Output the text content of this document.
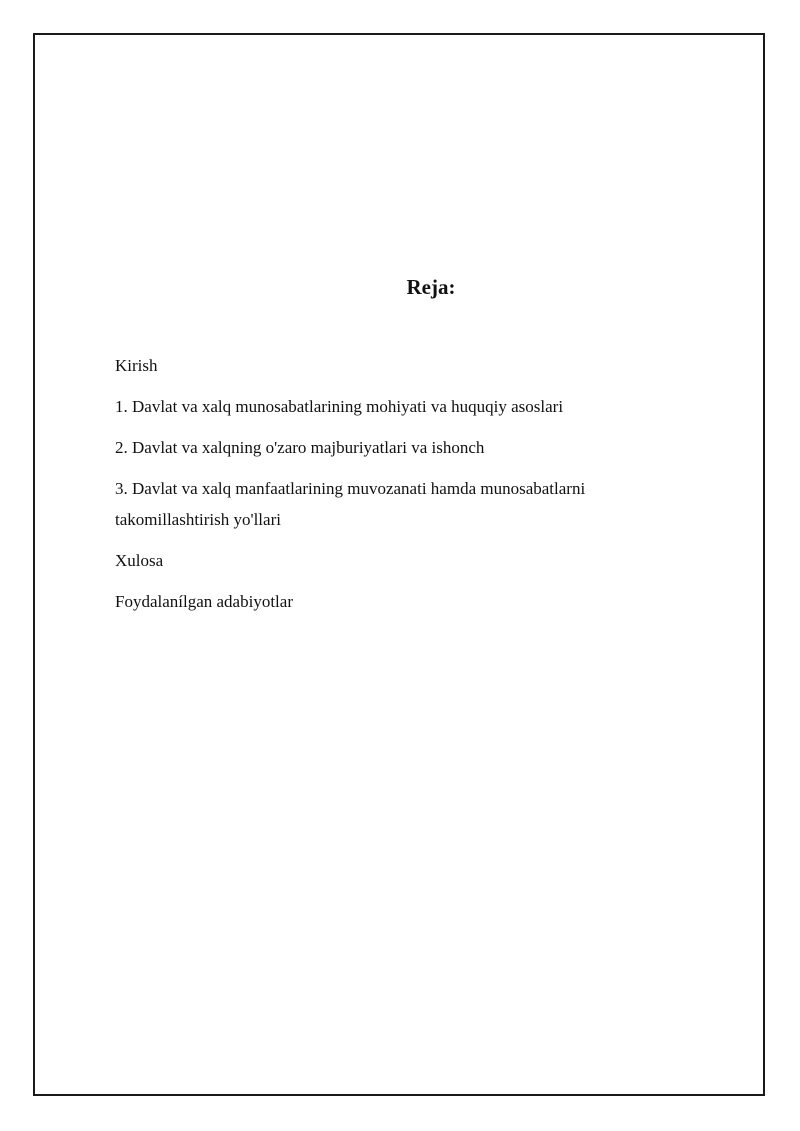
Reja:
Kirish
1. Davlat va xalq munosabatlarining mohiyati va huquqiy asoslari
2. Davlat va xalqning o'zaro majburiyatlari va ishonch
3. Davlat va xalq manfaatlarining muvozanati hamda munosabatlarni takomillashtirish yo'llari
Xulosa
Foydalanílgan adabiyotlar
